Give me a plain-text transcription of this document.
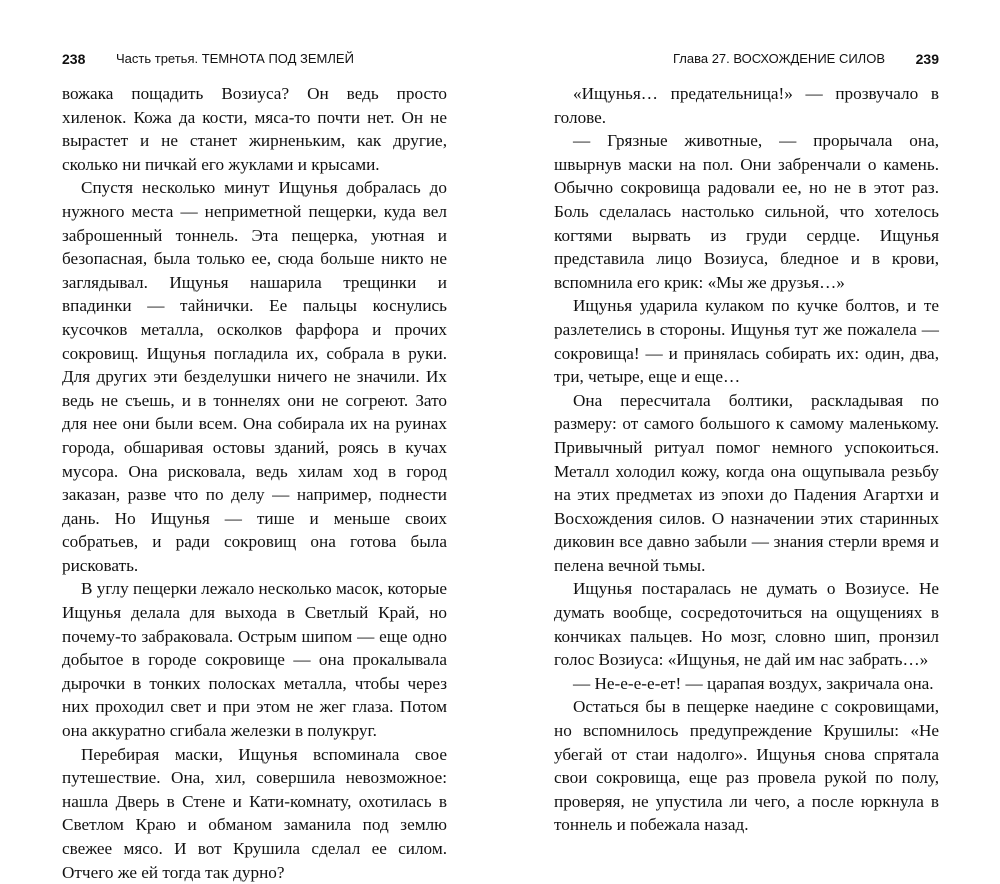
238 Часть третья. ТЕМНОТА ПОД ЗЕМЛЕЙ

вожака пощадить Возиуса? Он ведь просто хиленок. Кожа да кости, мяса-то почти нет. Он не вырастет и не станет жирненьким, как другие, сколько ни пичкай его жуклами и крысами.

Спустя несколько минут Ищунья добралась до нужного места — неприметной пещерки, куда вел заброшенный тоннель. Эта пещерка, уютная и безопасная, была только ее, сюда больше никто не заглядывал. Ищунья нашарила трещинки и впадинки — тайнички. Ее пальцы коснулись кусочков металла, осколков фарфора и прочих сокровищ. Ищунья погладила их, собрала в руки. Для других эти безделушки ничего не значили. Их ведь не съешь, и в тоннелях они не согреют. Зато для нее они были всем. Она собирала их на руинах города, обшаривая остовы зданий, роясь в кучах мусора. Она рисковала, ведь хилам ход в город заказан, разве что по делу — например, поднести дань. Но Ищунья — тише и меньше своих собратьев, и ради сокровищ она готова была рисковать.

В углу пещерки лежало несколько масок, которые Ищунья делала для выхода в Светлый Край, но почему-то забраковала. Острым шипом — еще одно добытое в городе сокровище — она прокалывала дырочки в тонких полосках металла, чтобы через них проходил свет и при этом не жег глаза. Потом она аккуратно сгибала железки в полукруг.

Перебирая маски, Ищунья вспоминала свое путешествие. Она, хил, совершила невозможное: нашла Дверь в Стене и Кати-комнату, охотилась в Светлом Краю и обманом заманила под землю свежее мясо. И вот Крушила сделал ее силом. Отчего же ей тогда так дурно?

Глава 27. ВОСХОЖДЕНИЕ СИЛОВ 239

«Ищунья… предательница!» — прозвучало в голове.

— Грязные животные, — прорычала она, швырнув маски на пол. Они забренчали о камень. Обычно сокровища радовали ее, но не в этот раз. Боль сделалась настолько сильной, что хотелось когтями вырвать из груди сердце. Ищунья представила лицо Возиуса, бледное и в крови, вспомнила его крик: «Мы же друзья…»

Ищунья ударила кулаком по кучке болтов, и те разлетелись в стороны. Ищунья тут же пожалела — сокровища! — и принялась собирать их: один, два, три, четыре, еще и еще…

Она пересчитала болтики, раскладывая по размеру: от самого большого к самому маленькому. Привычный ритуал помог немного успокоиться. Металл холодил кожу, когда она ощупывала резьбу на этих предметах из эпохи до Падения Агартхи и Восхождения силов. О назначении этих старинных диковин все давно забыли — знания стерли время и пелена вечной тьмы.

Ищунья постаралась не думать о Возиусе. Не думать вообще, сосредоточиться на ощущениях в кончиках пальцев. Но мозг, словно шип, пронзил голос Возиуса: «Ищунья, не дай им нас забрать…»

— Не-е-е-е-ет! — царапая воздух, закричала она.

Остаться бы в пещерке наедине с сокровищами, но вспомнилось предупреждение Крушилы: «Не убегай от стаи надолго». Ищунья снова спрятала свои сокровища, еще раз провела рукой по полу, проверяя, не упустила ли чего, а после юркнула в тоннель и побежала назад.
